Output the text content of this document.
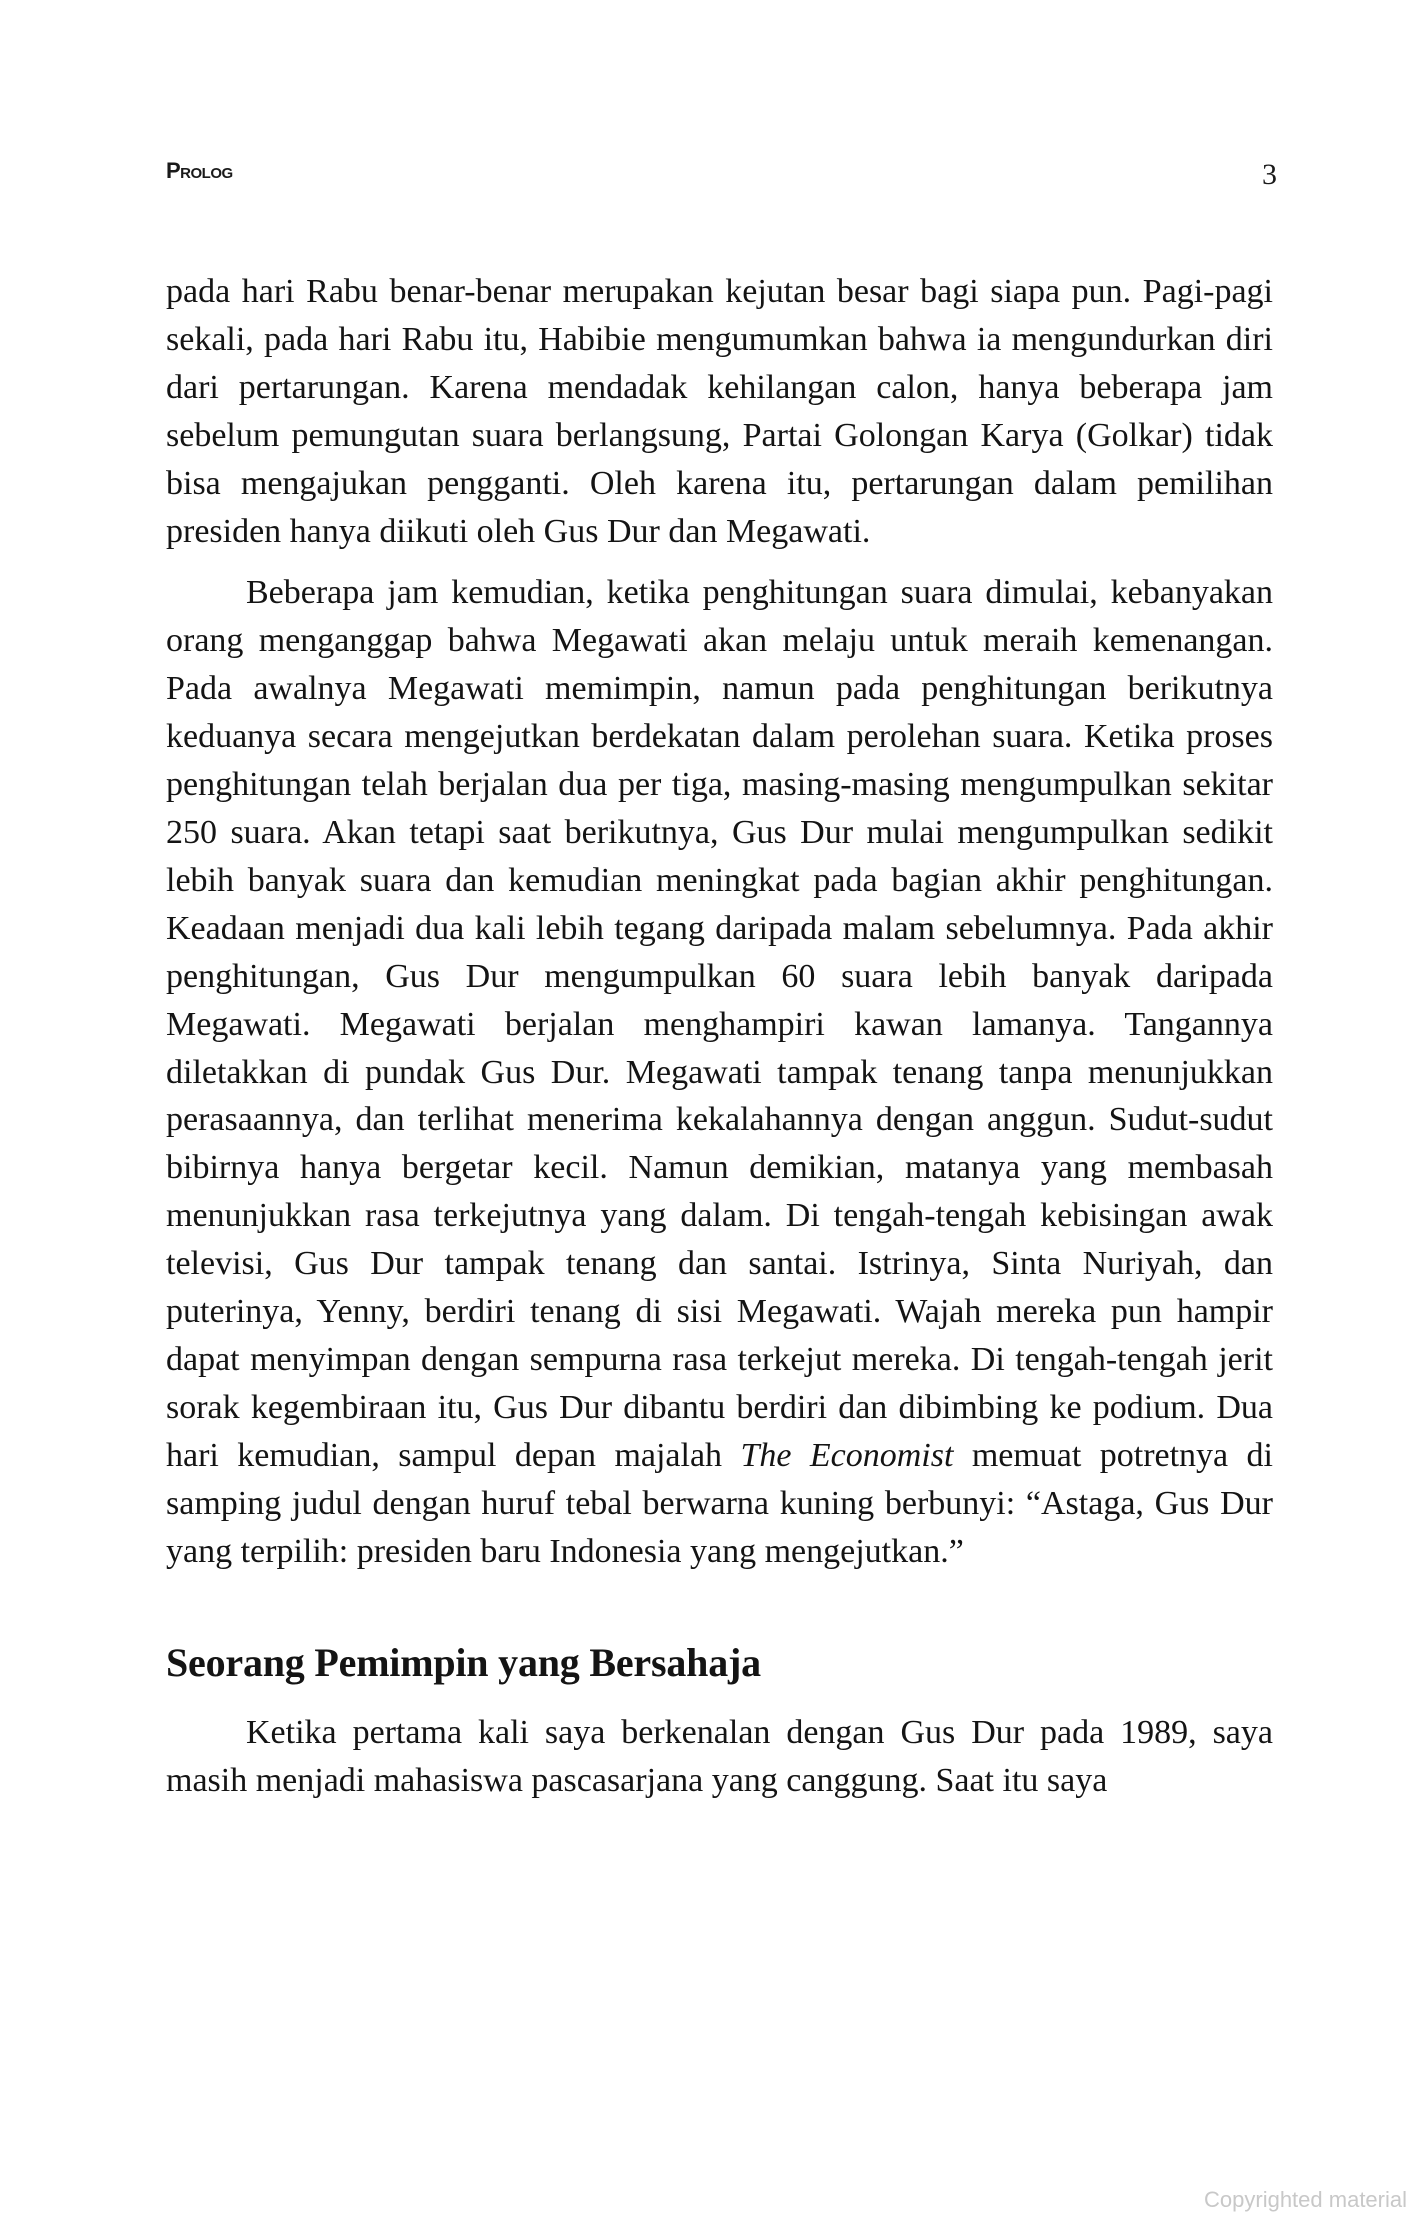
Prolog	3

pada hari Rabu benar-benar merupakan kejutan besar bagi siapa pun. Pagi-pagi sekali, pada hari Rabu itu, Habibie mengumumkan bahwa ia mengundurkan diri dari pertarungan. Karena mendadak kehilangan calon, hanya beberapa jam sebelum pemungutan suara berlangsung, Partai Golongan Karya (Golkar) tidak bisa mengajukan pengganti. Oleh karena itu, pertarungan dalam pemilihan presiden hanya diikuti oleh Gus Dur dan Megawati.

Beberapa jam kemudian, ketika penghitungan suara dimulai, kebanyakan orang menganggap bahwa Megawati akan melaju untuk meraih kemenangan. Pada awalnya Megawati memimpin, namun pada penghitungan berikutnya keduanya secara mengejutkan berdekatan dalam perolehan suara. Ketika proses penghitungan telah berjalan dua per tiga, masing-masing mengumpulkan sekitar 250 suara. Akan tetapi saat berikutnya, Gus Dur mulai mengumpulkan sedikit lebih banyak suara dan kemudian meningkat pada bagian akhir penghitungan. Keadaan menjadi dua kali lebih tegang daripada malam sebelumnya. Pada akhir penghitungan, Gus Dur mengumpulkan 60 suara lebih banyak daripada Megawati. Megawati berjalan menghampiri kawan lamanya. Tangannya diletakkan di pundak Gus Dur. Megawati tampak tenang tanpa menunjukkan perasaannya, dan terlihat menerima kekalahannya dengan anggun. Sudut-sudut bibirnya hanya bergetar kecil. Namun demikian, matanya yang membasah menunjukkan rasa terkejutnya yang dalam. Di tengah-tengah kebisingan awak televisi, Gus Dur tampak tenang dan santai. Istrinya, Sinta Nuriyah, dan puterinya, Yenny, berdiri tenang di sisi Megawati. Wajah mereka pun hampir dapat menyimpan dengan sempurna rasa terkejut mereka. Di tengah-tengah jerit sorak kegembiraan itu, Gus Dur dibantu berdiri dan dibimbing ke podium. Dua hari kemudian, sampul depan majalah The Economist memuat potretnya di samping judul dengan huruf tebal berwarna kuning berbunyi: “Astaga, Gus Dur yang terpilih: presiden baru Indonesia yang mengejutkan.”

Seorang Pemimpin yang Bersahaja

Ketika pertama kali saya berkenalan dengan Gus Dur pada 1989, saya masih menjadi mahasiswa pascasarjana yang canggung. Saat itu saya

Copyrighted material
